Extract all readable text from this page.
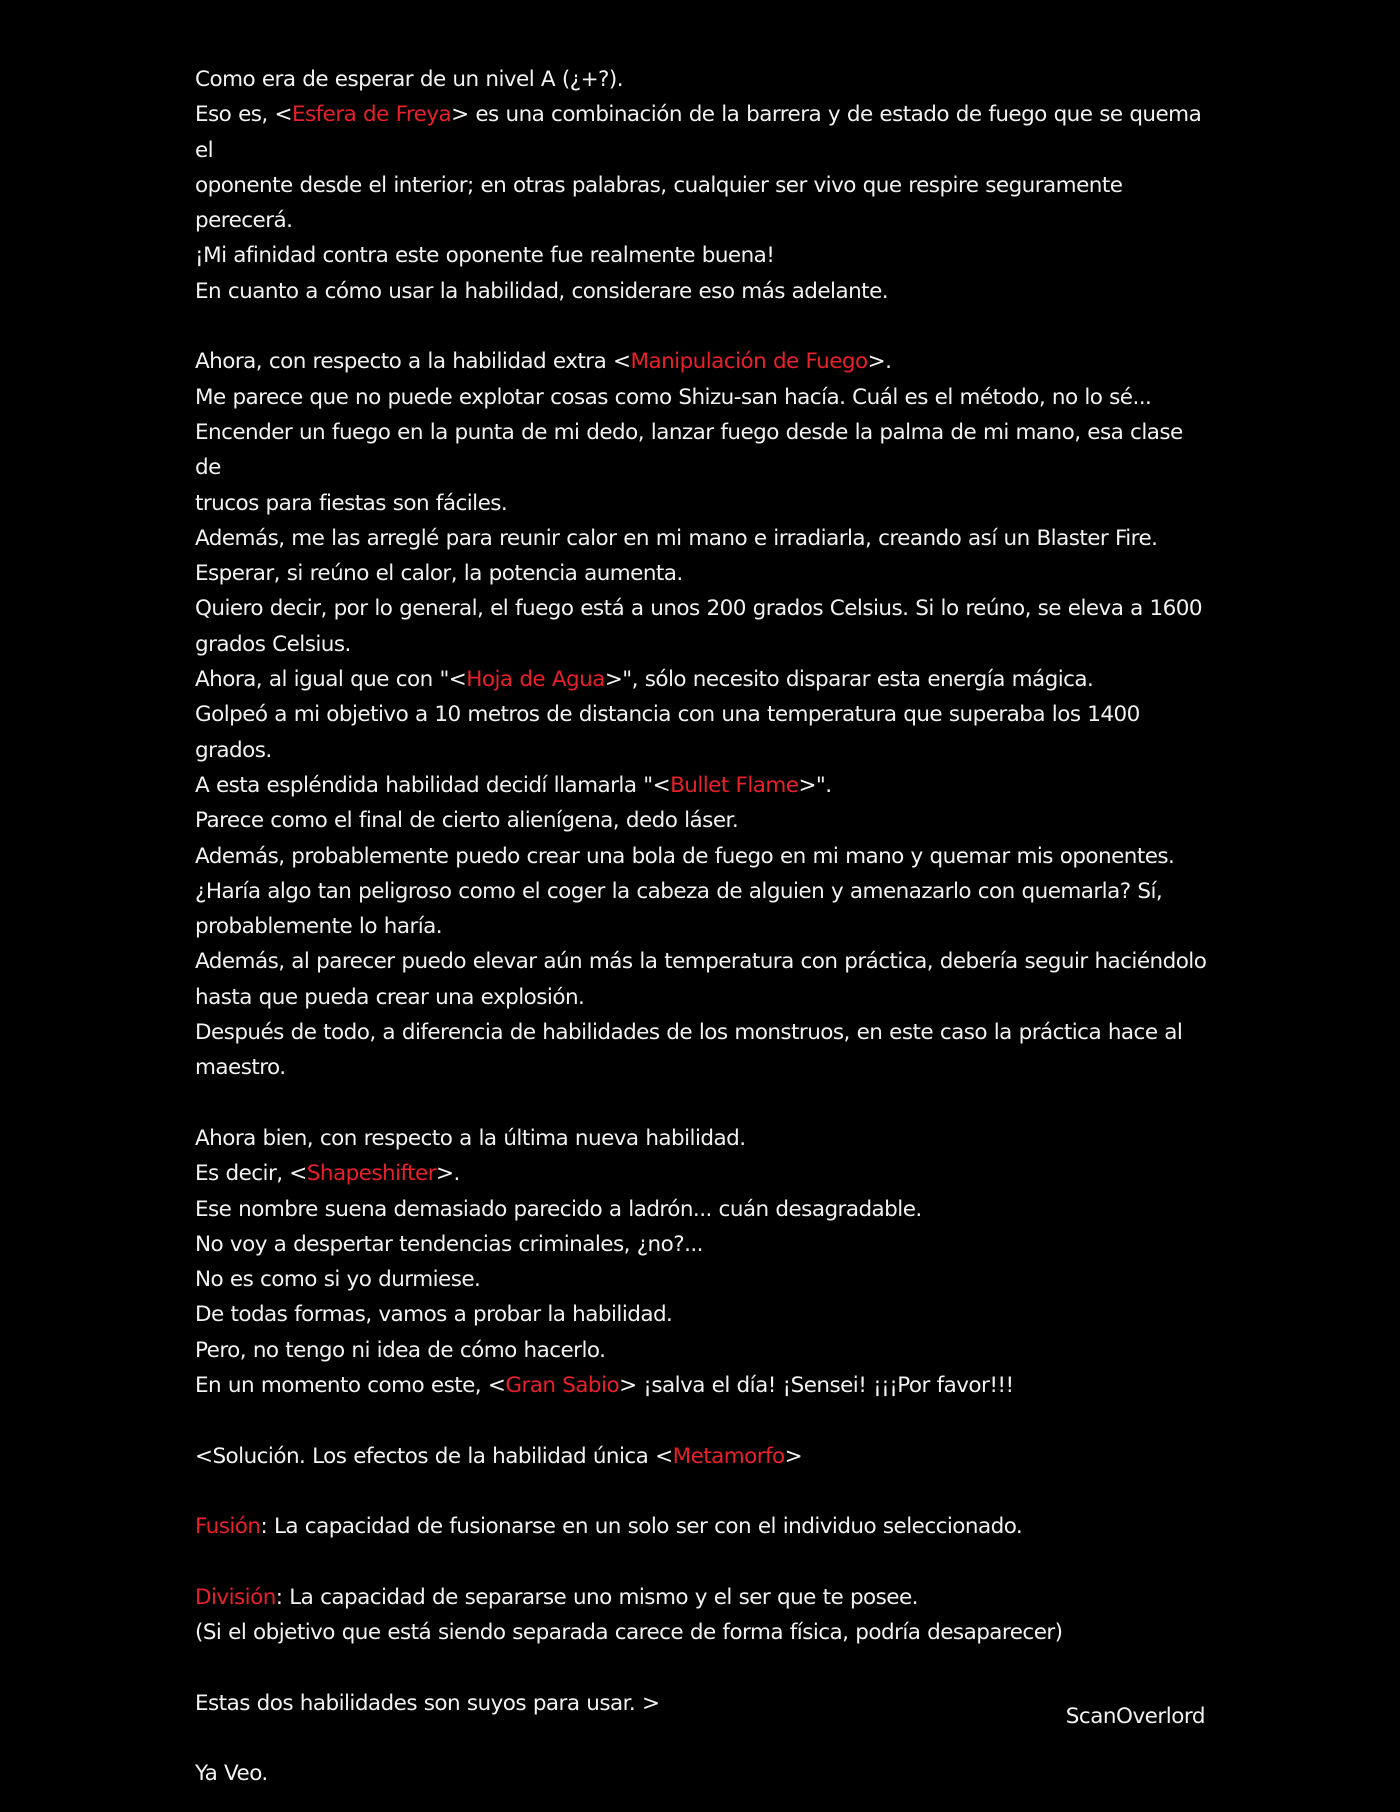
Como era de esperar de un nivel A (¿+?).
Eso es, <Esfera de Freya> es una combinación de la barrera y de estado de fuego que se quema el
oponente desde el interior; en otras palabras, cualquier ser vivo que respire seguramente
perecerá.
¡Mi afinidad contra este oponente fue realmente buena!
En cuanto a cómo usar la habilidad, considerare eso más adelante.
Ahora, con respecto a la habilidad extra <Manipulación de Fuego>.
Me parece que no puede explotar cosas como Shizu-san hacía. Cuál es el método, no lo sé...
Encender un fuego en la punta de mi dedo, lanzar fuego desde la palma de mi mano, esa clase de
trucos para fiestas son fáciles.
Además, me las arreglé para reunir calor en mi mano e irradiarla, creando así un Blaster Fire.
Esperar, si reúno el calor, la potencia aumenta.
Quiero decir, por lo general, el fuego está a unos 200 grados Celsius. Si lo reúno, se eleva a 1600
grados Celsius.
Ahora, al igual que con "<Hoja de Agua>", sólo necesito disparar esta energía mágica.
Golpeó a mi objetivo a 10 metros de distancia con una temperatura que superaba los 1400 grados.
A esta espléndida habilidad decidí llamarla "<Bullet Flame>".
Parece como el final de cierto alienígena, dedo láser.
Además, probablemente puedo crear una bola de fuego en mi mano y quemar mis oponentes.
¿Haría algo tan peligroso como el coger la cabeza de alguien y amenazarlo con quemarla? Sí,
probablemente lo haría.
Además, al parecer puedo elevar aún más la temperatura con práctica, debería seguir haciéndolo
hasta que pueda crear una explosión.
Después de todo, a diferencia de habilidades de los monstruos, en este caso la práctica hace al
maestro.
Ahora bien, con respecto a la última nueva habilidad.
Es decir, <Shapeshifter>.
Ese nombre suena demasiado parecido a ladrón... cuán desagradable.
No voy a despertar tendencias criminales, ¿no?...
No es como si yo durmiese.
De todas formas, vamos a probar la habilidad.
Pero, no tengo ni idea de cómo hacerlo.
En un momento como este, <Gran Sabio> ¡salva el día! ¡Sensei! ¡¡¡Por favor!!!
<Solución. Los efectos de la habilidad única <Metamorfo>
Fusión: La capacidad de fusionarse en un solo ser con el individuo seleccionado.
División: La capacidad de separarse uno mismo y el ser que te posee.
(Si el objetivo que está siendo separada carece de forma física, podría desaparecer)
Estas dos habilidades son suyos para usar. >
Ya Veo.
ScanOverlord
